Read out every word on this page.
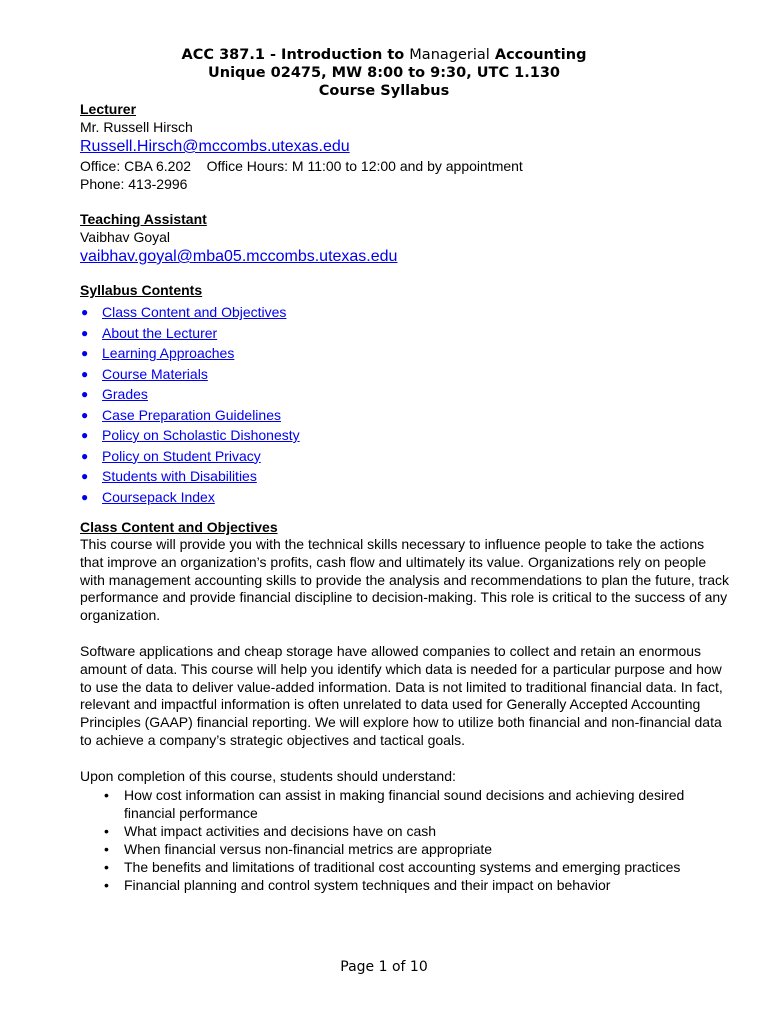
ACC 387.1 - Introduction to Managerial Accounting
Unique 02475, MW 8:00 to 9:30, UTC 1.130
Course Syllabus
Lecturer
Mr. Russell Hirsch
Russell.Hirsch@mccombs.utexas.edu
Office: CBA 6.202    Office Hours: M 11:00 to 12:00 and by appointment
Phone: 413-2996
Teaching Assistant
Vaibhav Goyal
vaibhav.goyal@mba05.mccombs.utexas.edu
Syllabus Contents
● Class Content and Objectives
● About the Lecturer
● Learning Approaches
● Course Materials
● Grades
● Case Preparation Guidelines
● Policy on Scholastic Dishonesty
● Policy on Student Privacy
● Students with Disabilities
● Coursepack Index
Class Content and Objectives

This course will provide you with the technical skills necessary to influence people to take the actions that improve an organization’s profits, cash flow and ultimately its value. Organizations rely on people with management accounting skills to provide the analysis and recommendations to plan the future, track performance and provide financial discipline to decision-making. This role is critical to the success of any organization.

Software applications and cheap storage have allowed companies to collect and retain an enormous amount of data. This course will help you identify which data is needed for a particular purpose and how to use the data to deliver value-added information. Data is not limited to traditional financial data. In fact, relevant and impactful information is often unrelated to data used for Generally Accepted Accounting Principles (GAAP) financial reporting. We will explore how to utilize both financial and non-financial data to achieve a company’s strategic objectives and tactical goals.

Upon completion of this course, students should understand:

• How cost information can assist in making financial sound decisions and achieving desired financial performance
• What impact activities and decisions have on cash
• When financial versus non-financial metrics are appropriate
• The benefits and limitations of traditional cost accounting systems and emerging practices
• Financial planning and control system techniques and their impact on behavior
Page 1 of 10
